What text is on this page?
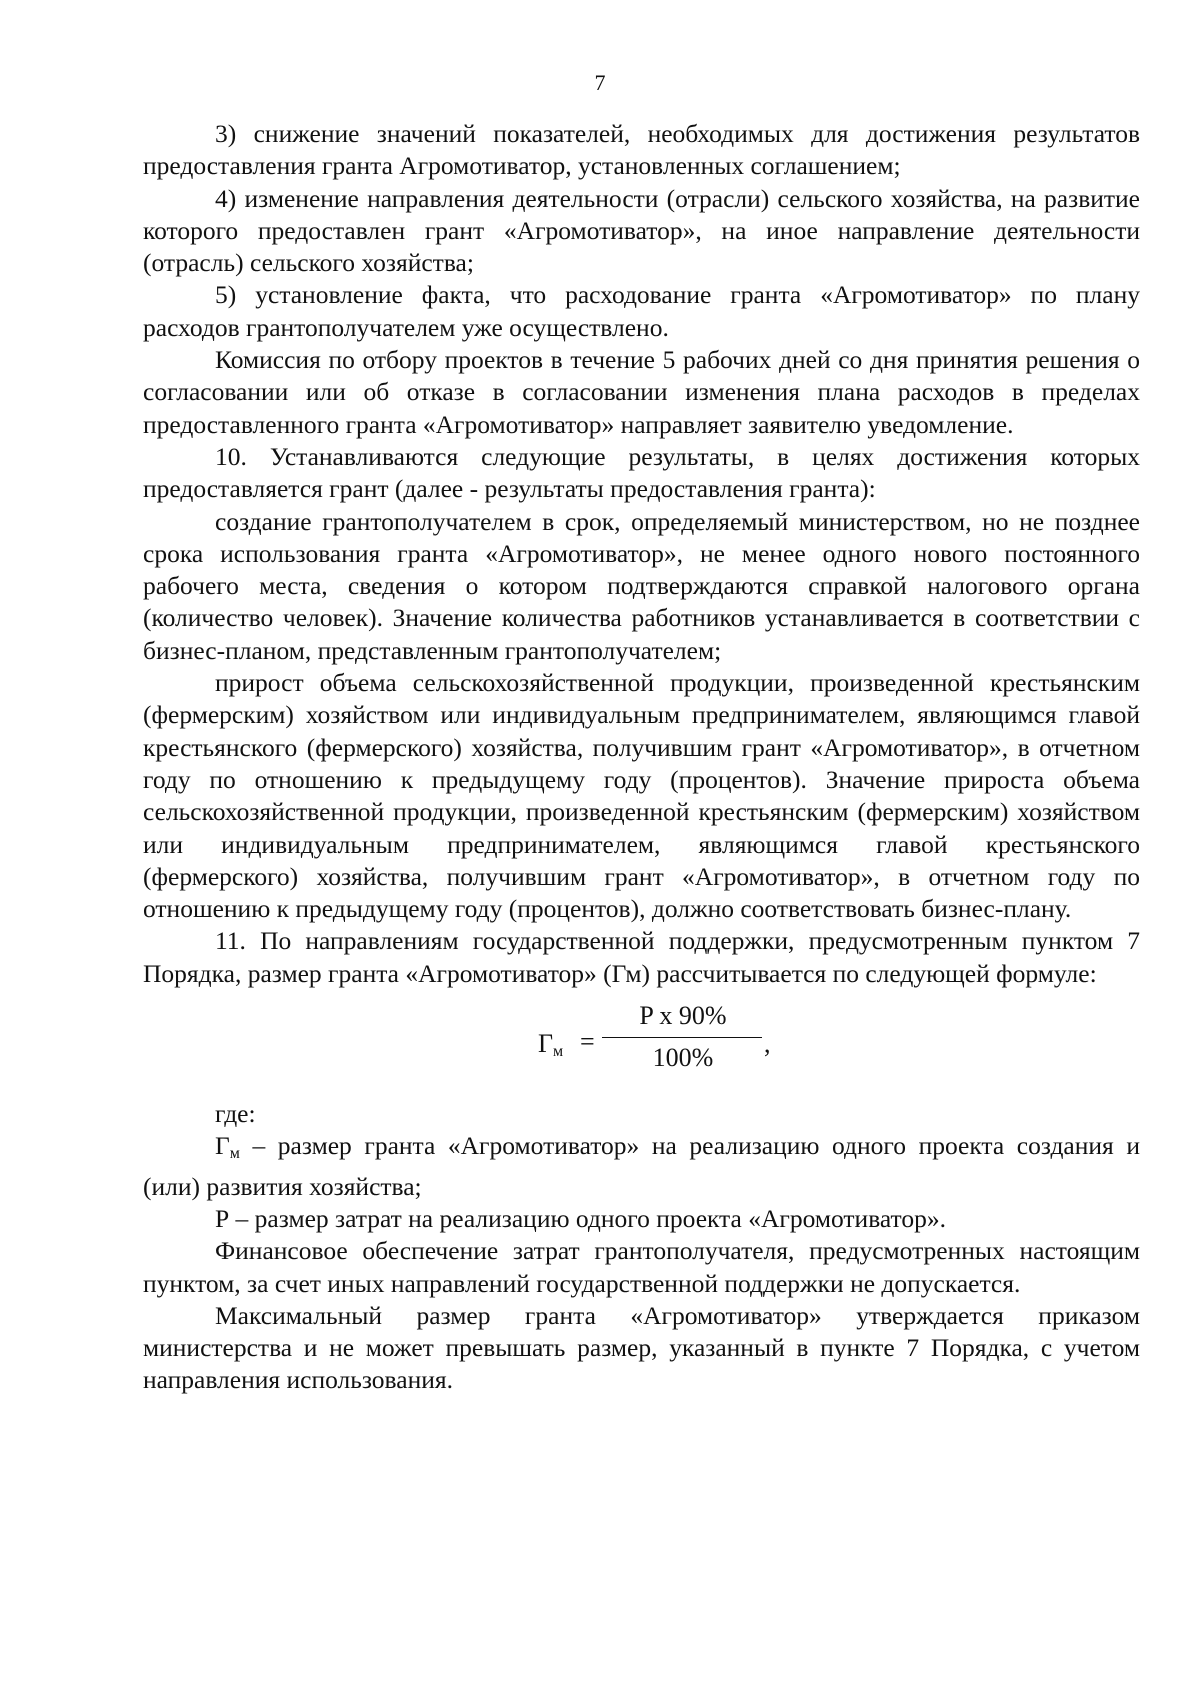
7

3) снижение значений показателей, необходимых для достижения результатов предоставления гранта Агромотиватор, установленных соглашением;

4) изменение направления деятельности (отрасли) сельского хозяйства, на развитие которого предоставлен грант «Агромотиватор», на иное направление деятельности (отрасль) сельского хозяйства;

5) установление факта, что расходование гранта «Агромотиватор» по плану расходов грантополучателем уже осуществлено.

Комиссия по отбору проектов в течение 5 рабочих дней со дня принятия решения о согласовании или об отказе в согласовании изменения плана расходов в пределах предоставленного гранта «Агромотиватор» направляет заявителю уведомление.

10. Устанавливаются следующие результаты, в целях достижения которых предоставляется грант (далее - результаты предоставления гранта):

создание грантополучателем в срок, определяемый министерством, но не позднее срока использования гранта «Агромотиватор», не менее одного нового постоянного рабочего места, сведения о котором подтверждаются справкой налогового органа (количество человек). Значение количества работников устанавливается в соответствии с бизнес-планом, представленным грантополучателем;

прирост объема сельскохозяйственной продукции, произведенной крестьянским (фермерским) хозяйством или индивидуальным предпринимателем, являющимся главой крестьянского (фермерского) хозяйства, получившим грант «Агромотиватор», в отчетном году по отношению к предыдущему году (процентов). Значение прироста объема сельскохозяйственной продукции, произведенной крестьянским (фермерским) хозяйством или индивидуальным предпринимателем, являющимся главой крестьянского (фермерского) хозяйства, получившим грант «Агромотиватор», в отчетном году по отношению к предыдущему году (процентов), должно соответствовать бизнес-плану.

11. По направлениям государственной поддержки, предусмотренным пунктом 7 Порядка, размер гранта «Агромотиватор» (Гм) рассчитывается по следующей формуле:

$Г_м$ =
P x 90%
100%	,

где:

$Г_м$ – размер гранта «Агромотиватор» на реализацию одного проекта создания и (или) развития хозяйства;

Р – размер затрат на реализацию одного проекта «Агромотиватор».

Финансовое обеспечение затрат грантополучателя, предусмотренных настоящим пунктом, за счет иных направлений государственной поддержки не допускается.

Максимальный размер гранта «Агромотиватор» утверждается приказом министерства и не может превышать размер, указанный в пункте 7 Порядка, с учетом направления использования.
